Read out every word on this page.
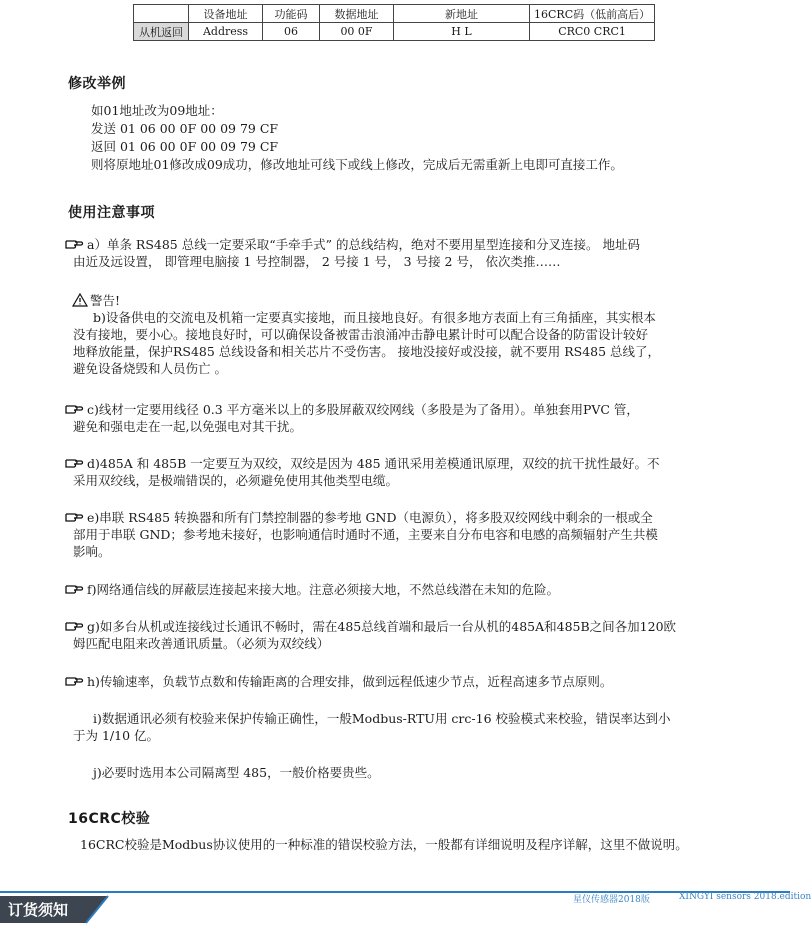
	设备地址	功能码	数据地址	新地址	16CRC码（低前高后）
从机返回	Address	06	00 0F	H L	CRC0 CRC1
修改举例
如01地址改为09地址：
发送 01 06 00 0F 00 09 79 CF
返回 01 06 00 0F 00 09 79 CF
则将原地址01修改成09成功，修改地址可线下或线上修改，完成后无需重新上电即可直接工作。
使用注意事项
a）单条 RS485 总线一定要采取“手牵手式” 的总线结构，绝对不要用星型连接和分叉连接。 地址码
由近及远设置， 即管理电脑接 1 号控制器， 2 号接 1 号， 3 号接 2 号， 依次类推……
警告!
b)设备供电的交流电及机箱一定要真实接地，而且接地良好。有很多地方表面上有三角插座，其实根本
没有接地，要小心。接地良好时，可以确保设备被雷击浪涌冲击静电累计时可以配合设备的防雷设计较好
地释放能量，保护RS485 总线设备和相关芯片不受伤害。 接地没接好或没接，就不要用 RS485 总线了，
避免设备烧毁和人员伤亡 。
c)线材一定要用线径 0.3 平方毫米以上的多股屏蔽双绞网线（多股是为了备用）。单独套用PVC 管，
避免和强电走在一起,以免强电对其干扰。
d)485A 和 485B 一定要互为双绞，双绞是因为 485 通讯采用差模通讯原理，双绞的抗干扰性最好。不
采用双绞线，是极端错误的，必须避免使用其他类型电缆。
e)串联 RS485 转换器和所有门禁控制器的参考地 GND（电源负），将多股双绞网线中剩余的一根或全
部用于串联 GND；参考地未接好，也影响通信时通时不通，主要来自分布电容和电感的高频辐射产生共模
影响。
f)网络通信线的屏蔽层连接起来接大地。注意必须接大地，不然总线潜在未知的危险。
g)如多台从机或连接线过长通讯不畅时，需在485总线首端和最后一台从机的485A和485B之间各加120欧
姆匹配电阻来改善通讯质量。（必须为双绞线）
h)传输速率，负载节点数和传输距离的合理安排，做到远程低速少节点，近程高速多节点原则。
i)数据通讯必须有校验来保护传输正确性，一般Modbus-RTU用 crc-16 校验模式来校验，错误率达到小
于为 1/10 亿。
j)必要时选用本公司隔离型 485，一般价格要贵些。
16CRC校验
16CRC校验是Modbus协议使用的一种标准的错误校验方法，一般都有详细说明及程序详解，这里不做说明。
订货须知
星仪传感器2018版	XINGYI sensors 2018.edition
